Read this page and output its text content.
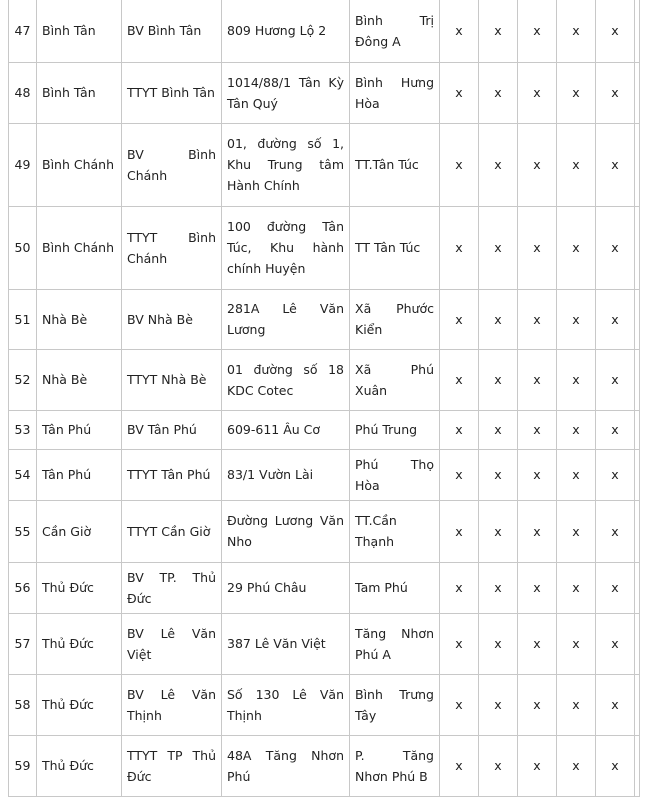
47	Bình Tân	BV Bình Tân	809 Hương Lộ 2	Bình Trị Đông A	x	x	x	x	x	
48	Bình Tân	TTYT Bình Tân	1014/88/1 Tân Kỳ Tân Quý	Bình Hưng Hòa	x	x	x	x	x	
49	Bình Chánh	BV Bình Chánh	01, đường số 1, Khu Trung tâm Hành Chính	TT.Tân Túc	x	x	x	x	x	
50	Bình Chánh	TTYT Bình Chánh	100 đường Tân Túc, Khu hành chính Huyện	TT Tân Túc	x	x	x	x	x	
51	Nhà Bè	BV Nhà Bè	281A Lê Văn Lương	Xã Phước Kiển	x	x	x	x	x	
52	Nhà Bè	TTYT Nhà Bè	01 đường số 18 KDC Cotec	Xã Phú Xuân	x	x	x	x	x	
53	Tân Phú	BV Tân Phú	609-611 Âu Cơ	Phú Trung	x	x	x	x	x	
54	Tân Phú	TTYT Tân Phú	83/1 Vườn Lài	Phú Thọ Hòa	x	x	x	x	x	
55	Cần Giờ	TTYT Cần Giờ	Đường Lương Văn Nho	TT.Cần Thạnh	x	x	x	x	x	
56	Thủ Đức	BV TP. Thủ Đức	29 Phú Châu	Tam Phú	x	x	x	x	x	
57	Thủ Đức	BV Lê Văn Việt	387 Lê Văn Việt	Tăng Nhơn Phú A	x	x	x	x	x	
58	Thủ Đức	BV Lê Văn Thịnh	Số 130 Lê Văn Thịnh	Bình Trưng Tây	x	x	x	x	x	
59	Thủ Đức	TTYT TP Thủ Đức	48A Tăng Nhơn Phú	P. Tăng Nhơn Phú B	x	x	x	x	x	
